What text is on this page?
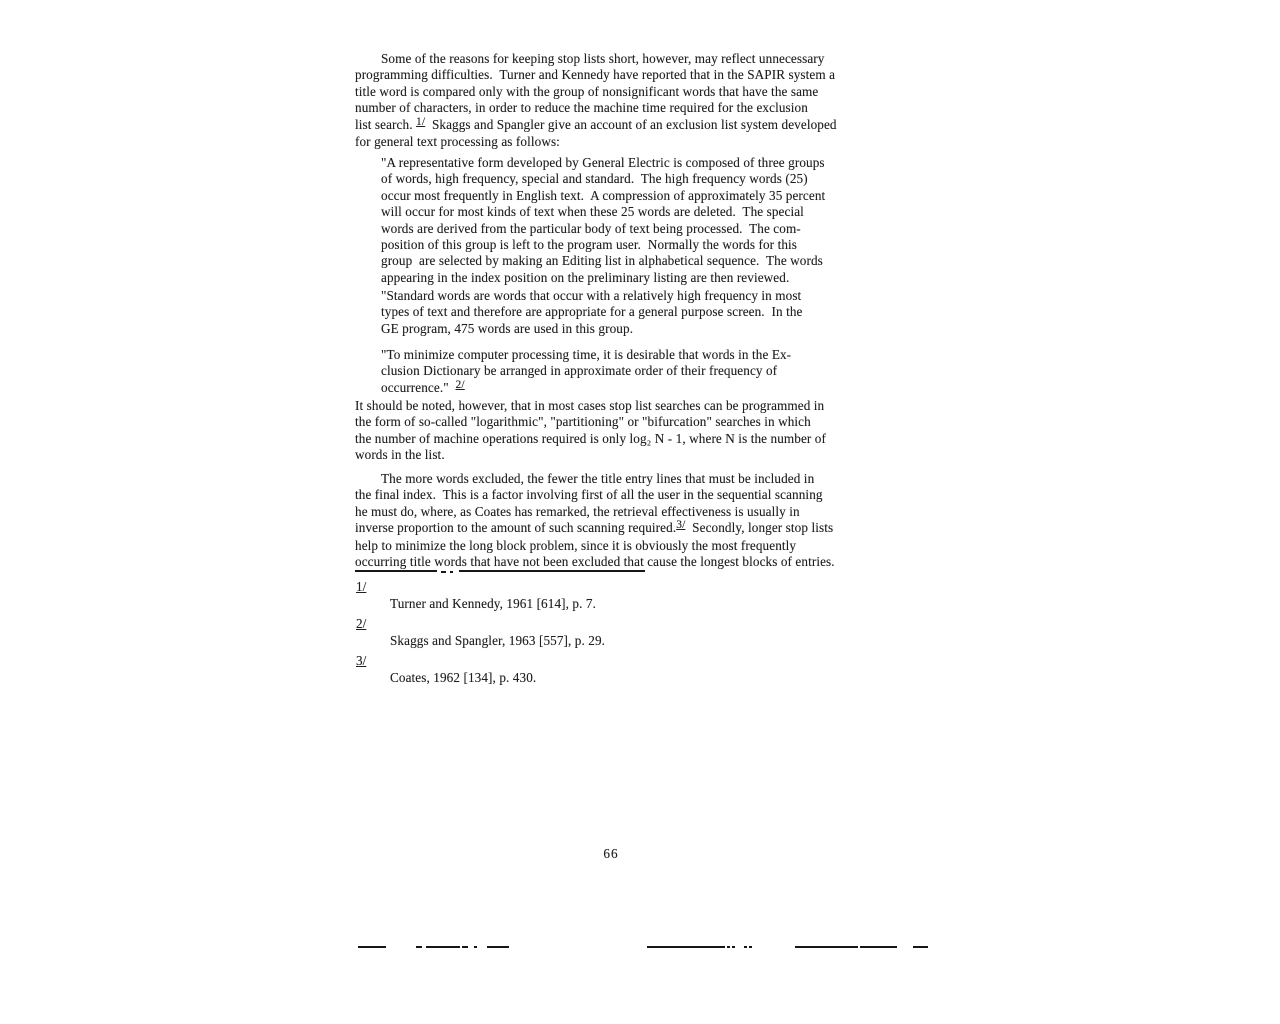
Some of the reasons for keeping stop lists short, however, may reflect unnecessary
programming difficulties.  Turner and Kennedy have reported that in the SAPIR system a
title word is compared only with the group of nonsignificant words that have the same
number of characters, in order to reduce the machine time required for the exclusion
list search. 1/  Skaggs and Spangler give an account of an exclusion list system developed
for general text processing as follows:
"A representative form developed by General Electric is composed of three groups
of words, high frequency, special and standard.  The high frequency words (25)
occur most frequently in English text.  A compression of approximately 35 percent
will occur for most kinds of text when these 25 words are deleted.  The special
words are derived from the particular body of text being processed.  The com-
position of this group is left to the program user.  Normally the words for this
group  are selected by making an Editing list in alphabetical sequence.  The words
appearing in the index position on the preliminary listing are then reviewed.
"Standard words are words that occur with a relatively high frequency in most
types of text and therefore are appropriate for a general purpose screen.  In the
GE program, 475 words are used in this group.
"To minimize computer processing time, it is desirable that words in the Ex-
clusion Dictionary be arranged in approximate order of their frequency of
occurrence."  2/
It should be noted, however, that in most cases stop list searches can be programmed in
the form of so-called "logarithmic", "partitioning" or "bifurcation" searches in which
the number of machine operations required is only log₂ N - 1, where N is the number of
words in the list.
The more words excluded, the fewer the title entry lines that must be included in
the final index.  This is a factor involving first of all the user in the sequential scanning
he must do, where, as Coates has remarked, the retrieval effectiveness is usually in
inverse proportion to the amount of such scanning required.3/  Secondly, longer stop lists
help to minimize the long block problem, since it is obviously the most frequently
occurring title words that have not been excluded that cause the longest blocks of entries.
1/
Turner and Kennedy, 1961 [614], p. 7.
2/
Skaggs and Spangler, 1963 [557], p. 29.
3/
Coates, 1962 [134], p. 430.
66
